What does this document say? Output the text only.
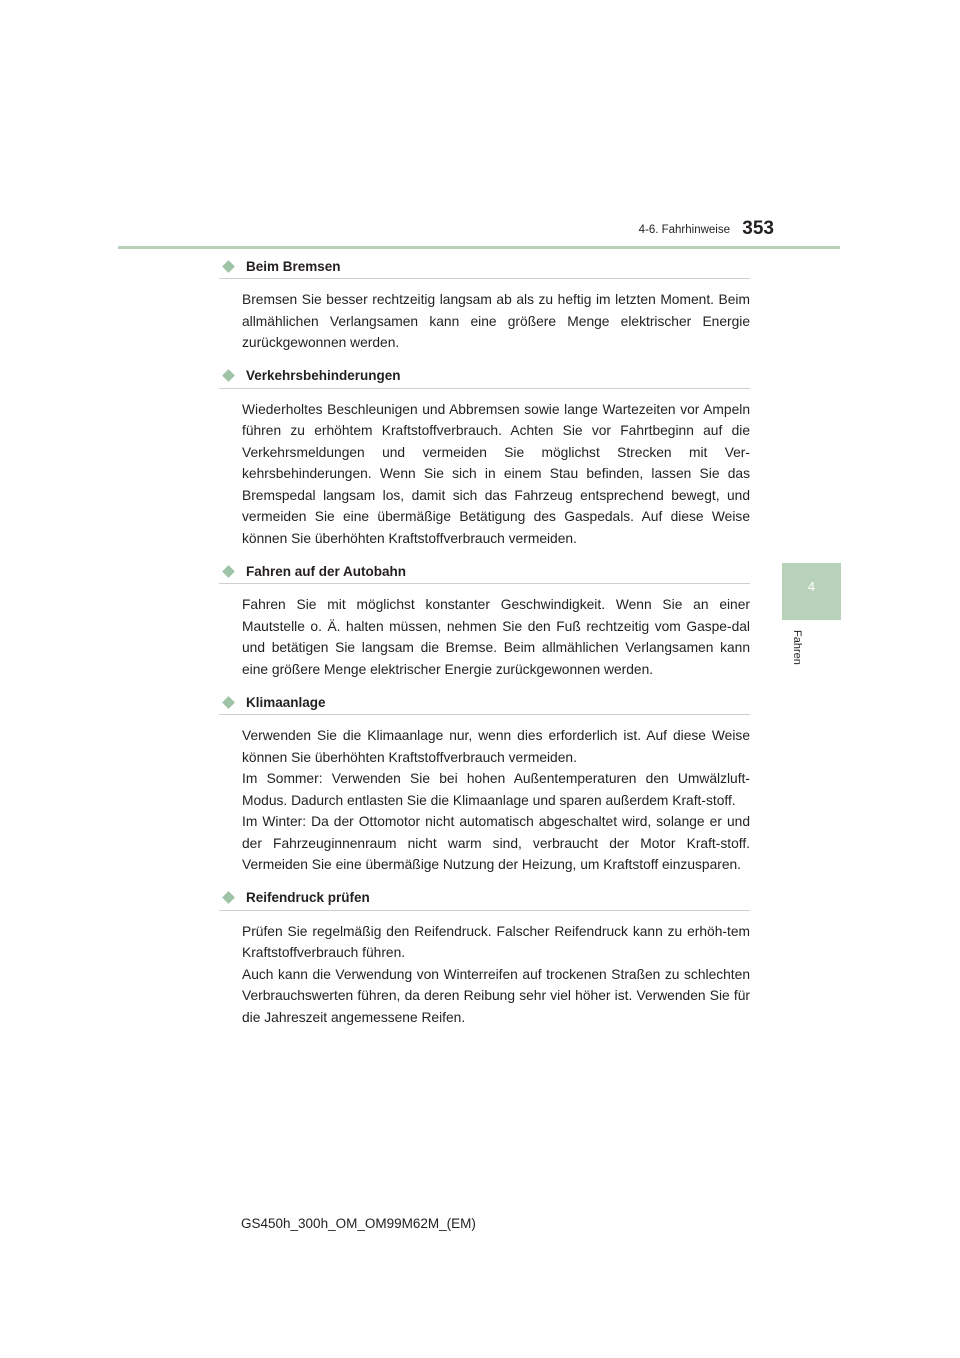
4-6. Fahrhinweise 353
4
Fahren
Beim Bremsen

Bremsen Sie besser rechtzeitig langsam ab als zu heftig im letzten Moment. Beim allmählichen Verlangsamen kann eine größere Menge elektrischer Energie zurückgewonnen werden.

Verkehrsbehinderungen

Wiederholtes Beschleunigen und Abbremsen sowie lange Wartezeiten vor Ampeln führen zu erhöhtem Kraftstoffverbrauch. Achten Sie vor Fahrtbeginn auf die Verkehrsmeldungen und vermeiden Sie möglichst Strecken mit Ver-kehrsbehinderungen. Wenn Sie sich in einem Stau befinden, lassen Sie das Bremspedal langsam los, damit sich das Fahrzeug entsprechend bewegt, und vermeiden Sie eine übermäßige Betätigung des Gaspedals. Auf diese Weise können Sie überhöhten Kraftstoffverbrauch vermeiden.

Fahren auf der Autobahn

Fahren Sie mit möglichst konstanter Geschwindigkeit. Wenn Sie an einer Mautstelle o. Ä. halten müssen, nehmen Sie den Fuß rechtzeitig vom Gaspe-dal und betätigen Sie langsam die Bremse. Beim allmählichen Verlangsamen kann eine größere Menge elektrischer Energie zurückgewonnen werden.

Klimaanlage

Verwenden Sie die Klimaanlage nur, wenn dies erforderlich ist. Auf diese Weise können Sie überhöhten Kraftstoffverbrauch vermeiden.

Im Sommer: Verwenden Sie bei hohen Außentemperaturen den Umwälzluft-Modus. Dadurch entlasten Sie die Klimaanlage und sparen außerdem Kraft-stoff.

Im Winter: Da der Ottomotor nicht automatisch abgeschaltet wird, solange er und der Fahrzeuginnenraum nicht warm sind, verbraucht der Motor Kraft-stoff. Vermeiden Sie eine übermäßige Nutzung der Heizung, um Kraftstoff einzusparen.

Reifendruck prüfen

Prüfen Sie regelmäßig den Reifendruck. Falscher Reifendruck kann zu erhöh-tem Kraftstoffverbrauch führen.

Auch kann die Verwendung von Winterreifen auf trockenen Straßen zu schlechten Verbrauchswerten führen, da deren Reibung sehr viel höher ist. Verwenden Sie für die Jahreszeit angemessene Reifen.

GS450h_300h_OM_OM99M62M_(EM)
